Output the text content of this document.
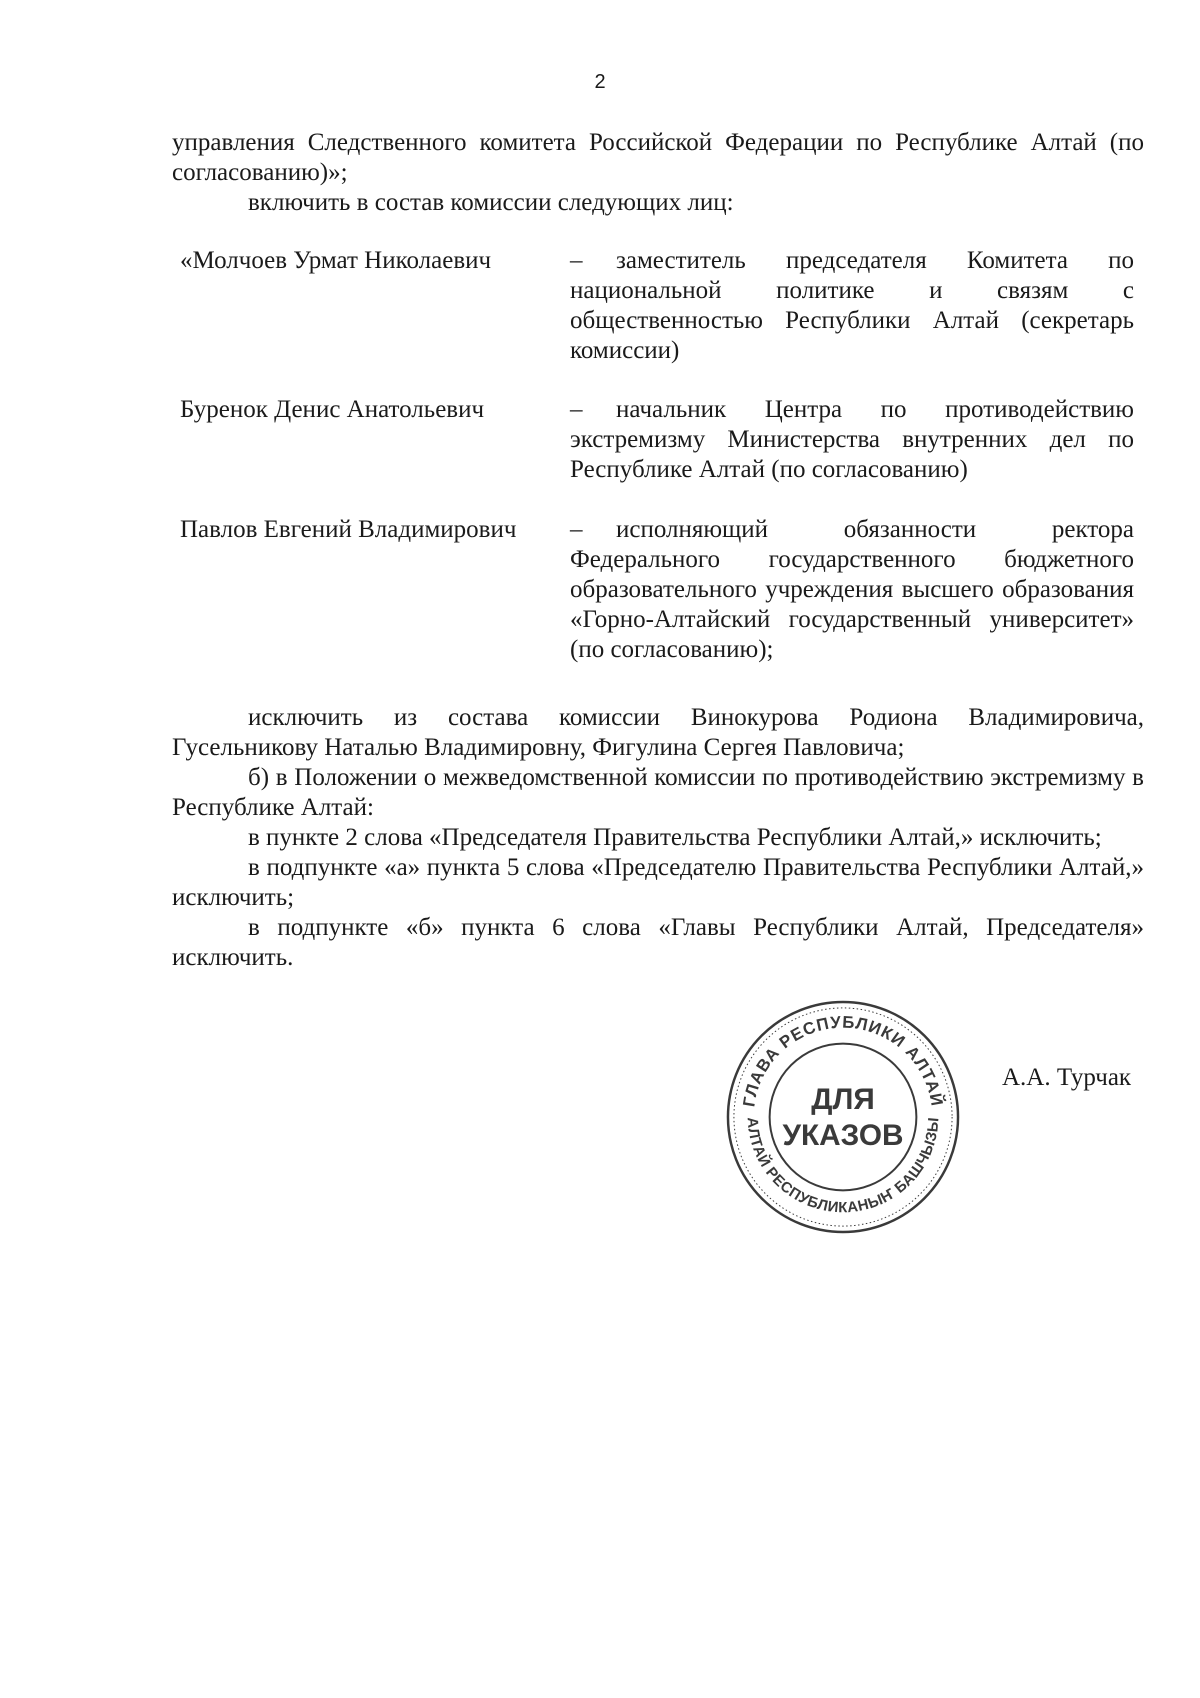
2

управления Следственного комитета Российской Федерации по Республике Алтай (по согласованию)»;

включить в состав комиссии следующих лиц:

«Молчоев Урмат Николаевич	– заместитель председателя Комитета по национальной политике и связям с общественностью Республики Алтай (секретарь комиссии)
Буренок Денис Анатольевич	– начальник Центра по противодействию экстремизму Министерства внутренних дел по Республике Алтай (по согласованию)
Павлов Евгений Владимирович – исполняющий обязанности ректора Федерального государственного бюджетного образовательного учреждения высшего образования «Горно-Алтайский государственный университет» (по согласованию);

исключить из состава комиссии Винокурова Родиона Владимировича, Гусельникову Наталью Владимировну, Фигулина Сергея Павловича;

б) в Положении о межведомственной комиссии по противодействию экстремизму в Республике Алтай:

в пункте 2 слова «Председателя Правительства Республики Алтай,» исключить;

в подпункте «а» пункта 5 слова «Председателю Правительства Республики Алтай,» исключить;

в подпункте «б» пункта 6 слова «Главы Республики Алтай, Председателя» исключить.

ГЛАВА РЕСПУБЛИКИ АЛТАЙ
АЛТАЙ РЕСПУБЛИКАНЫҤ БАШЧЫЗЫ
ДЛЯ
УКАЗОВ
А.А. Турчак
